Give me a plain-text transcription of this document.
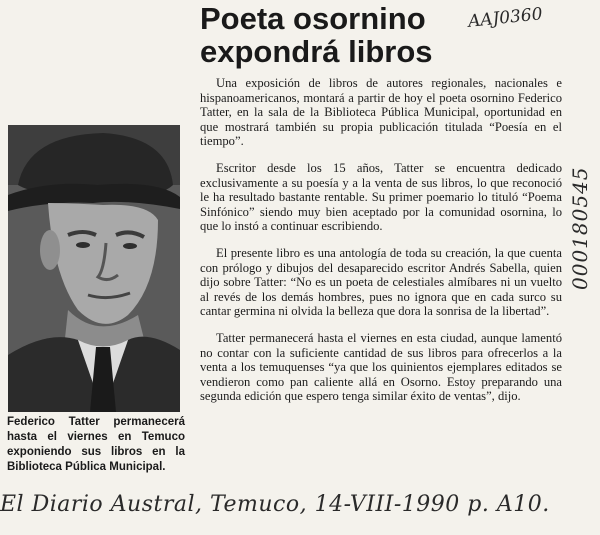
Poeta osornino
expondrá libros
AAJ0360

Federico Tatter permanecerá hasta el viernes en Temuco exponiendo sus libros en la Biblioteca Pública Municipal.

Una exposición de libros de autores regionales, nacionales e hispanoamericanos, montará a partir de hoy el poeta osornino Federico Tatter, en la sala de la Biblioteca Pública Municipal, oportunidad en que mostrará también su propia publicación titulada “Poesía en el tiempo”.

Escritor desde los 15 años, Tatter se encuentra dedicado exclusivamente a su poesía y a la venta de sus libros, lo que reconoció le ha resultado bastante rentable. Su primer poemario lo tituló “Poema Sinfónico” siendo muy bien aceptado por la comunidad osornina, lo que lo instó a continuar escribiendo.

El presente libro es una antología de toda su creación, la que cuenta con prólogo y dibujos del desaparecido escritor Andrés Sabella, quien dijo sobre Tatter: “No es un poeta de celestiales almíbares ni un vuelto al revés de los demás hombres, pues no ignora que en cada surco su cantar germina ni olvida la belleza que dora la sonrisa de la libertad”.

Tatter permanecerá hasta el viernes en esta ciudad, aunque lamentó no contar con la suficiente cantidad de sus libros para ofrecerlos a la venta a los temuquenses “ya que los quinientos ejemplares editados se vendieron como pan caliente allá en Osorno. Estoy preparando una segunda edición que espero tenga similar éxito de ventas”, dijo.

000180545
El Diario Austral, Temuco, 14-VIII-1990 p. A10.
